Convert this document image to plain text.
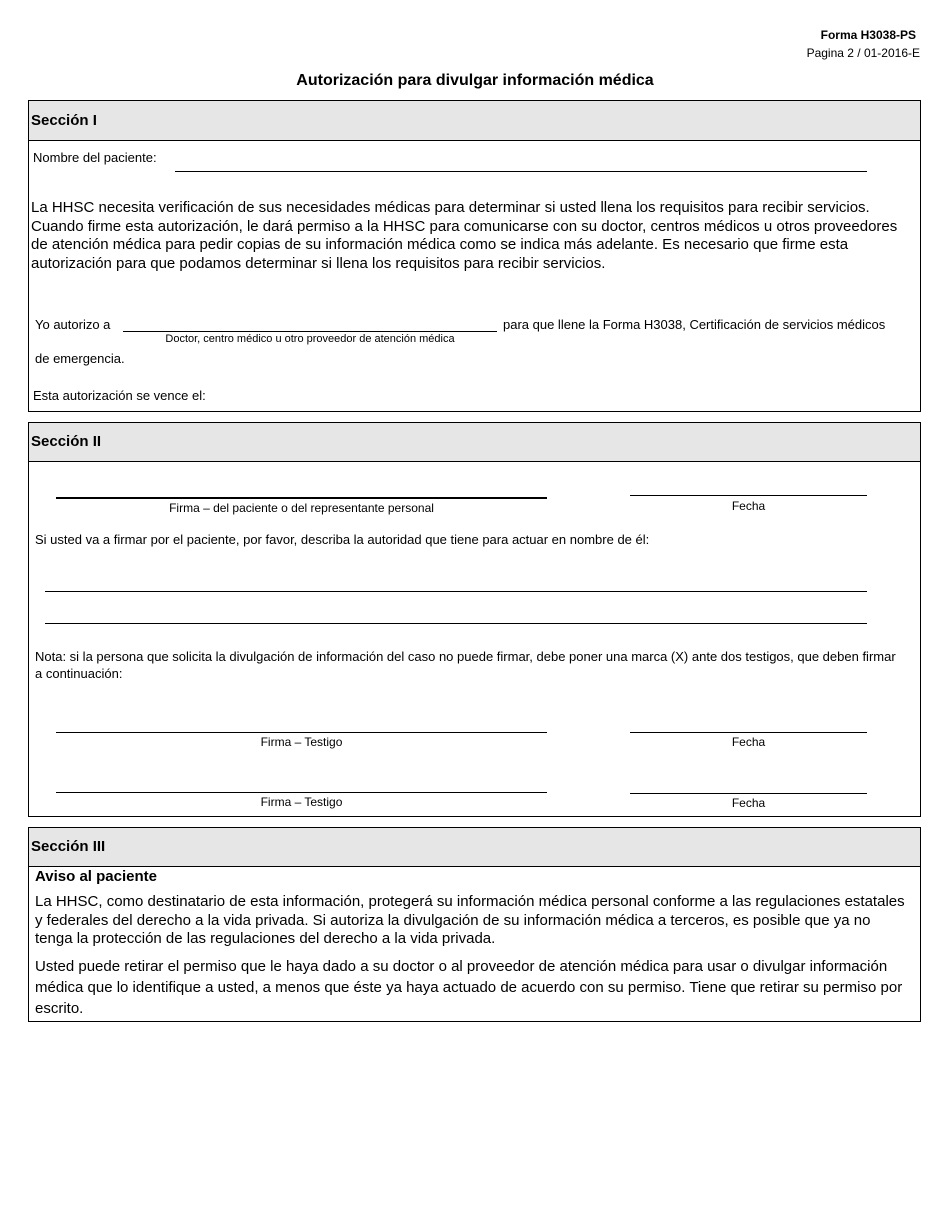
Forma H3038-PS
Pagina 2 / 01-2016-E
Autorización para divulgar información médica
Sección I
Nombre del paciente:
La HHSC necesita verificación de sus necesidades médicas para determinar si usted llena los requisitos para recibir servicios. Cuando firme esta autorización, le dará permiso a la HHSC para comunicarse con su doctor, centros médicos u otros proveedores de atención médica para pedir copias de su información médica como se indica más adelante. Es necesario que firme esta autorización para que podamos determinar si llena los requisitos para recibir servicios.
Yo autorizo a	para que llene la Forma H3038, Certificación de servicios médicos
Doctor, centro médico u otro proveedor de atención médica
de emergencia.
Esta autorización se vence el:
Sección II
Firma – del paciente o del representante personal	Fecha
Si usted va a firmar por el paciente, por favor, describa la autoridad que tiene para actuar en nombre de él:
Nota: si la persona que solicita la divulgación de información del caso no puede firmar, debe poner una marca (X) ante dos testigos, que deben firmar a continuación:
Firma – Testigo	Fecha
Firma – Testigo	Fecha
Sección III
Aviso al paciente
La HHSC, como destinatario de esta información, protegerá su información médica personal conforme a las regulaciones estatales y federales del derecho a la vida privada. Si autoriza la divulgación de su información médica a terceros, es posible que ya no tenga la protección de las regulaciones del derecho a la vida privada.
Usted puede retirar el permiso que le haya dado a su doctor o al proveedor de atención médica para usar o divulgar información médica que lo identifique a usted, a menos que éste ya haya actuado de acuerdo con su permiso. Tiene que retirar su permiso por escrito.
